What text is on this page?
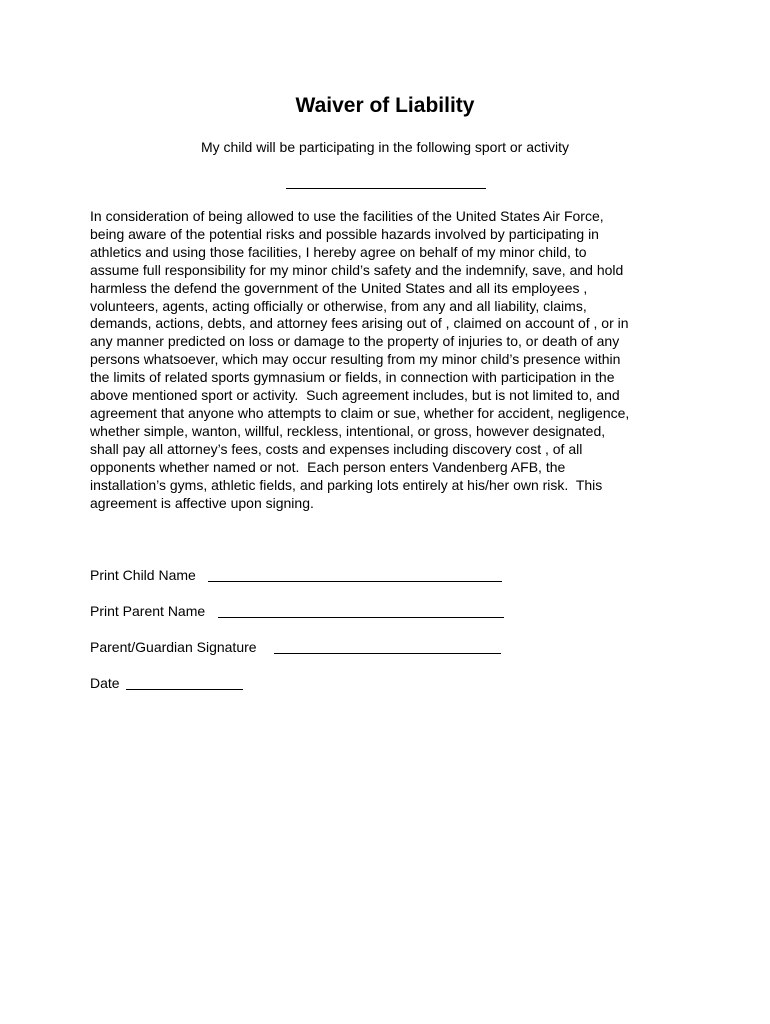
Waiver of Liability
My child will be participating in the following sport or activity
In consideration of being allowed to use the facilities of the United States Air Force,
being aware of the potential risks and possible hazards involved by participating in
athletics and using those facilities, I hereby agree on behalf of my minor child, to
assume full responsibility for my minor child’s safety and the indemnify, save, and hold
harmless the defend the government of the United States and all its employees ,
volunteers, agents, acting officially or otherwise, from any and all liability, claims,
demands, actions, debts, and attorney fees arising out of , claimed on account of , or in
any manner predicted on loss or damage to the property of injuries to, or death of any
persons whatsoever, which may occur resulting from my minor child’s presence within
the limits of related sports gymnasium or fields, in connection with participation in the
above mentioned sport or activity.  Such agreement includes, but is not limited to, and
agreement that anyone who attempts to claim or sue, whether for accident, negligence,
whether simple, wanton, willful, reckless, intentional, or gross, however designated,
shall pay all attorney’s fees, costs and expenses including discovery cost , of all
opponents whether named or not.  Each person enters Vandenberg AFB, the
installation’s gyms, athletic fields, and parking lots entirely at his/her own risk.  This
agreement is affective upon signing.
Print Child Name
Print Parent Name
Parent/Guardian Signature
Date
